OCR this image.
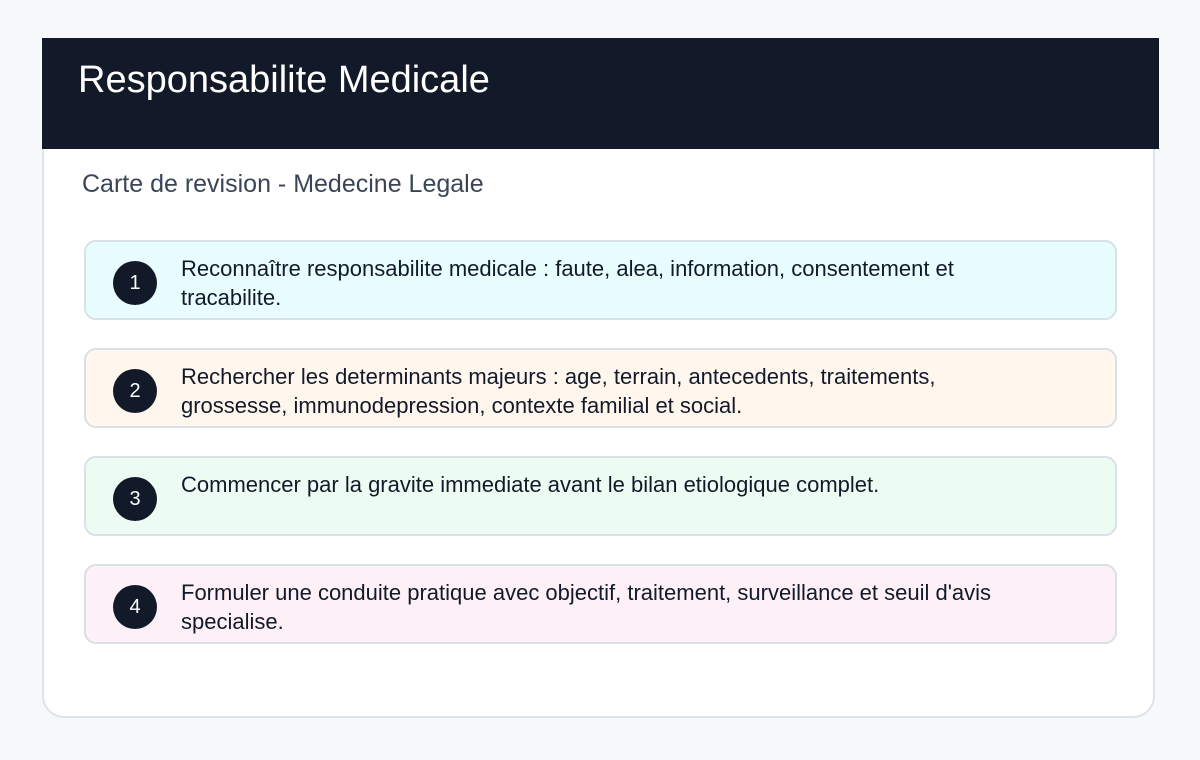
Responsabilite Medicale

Carte de revision - Medecine Legale

1
Reconnaître responsabilite medicale : faute, alea, information, consentement et tracabilite.
2
Rechercher les determinants majeurs : age, terrain, antecedents, traitements, grossesse, immunodepression, contexte familial et social.
3
Commencer par la gravite immediate avant le bilan etiologique complet.
4
Formuler une conduite pratique avec objectif, traitement, surveillance et seuil d'avis specialise.
